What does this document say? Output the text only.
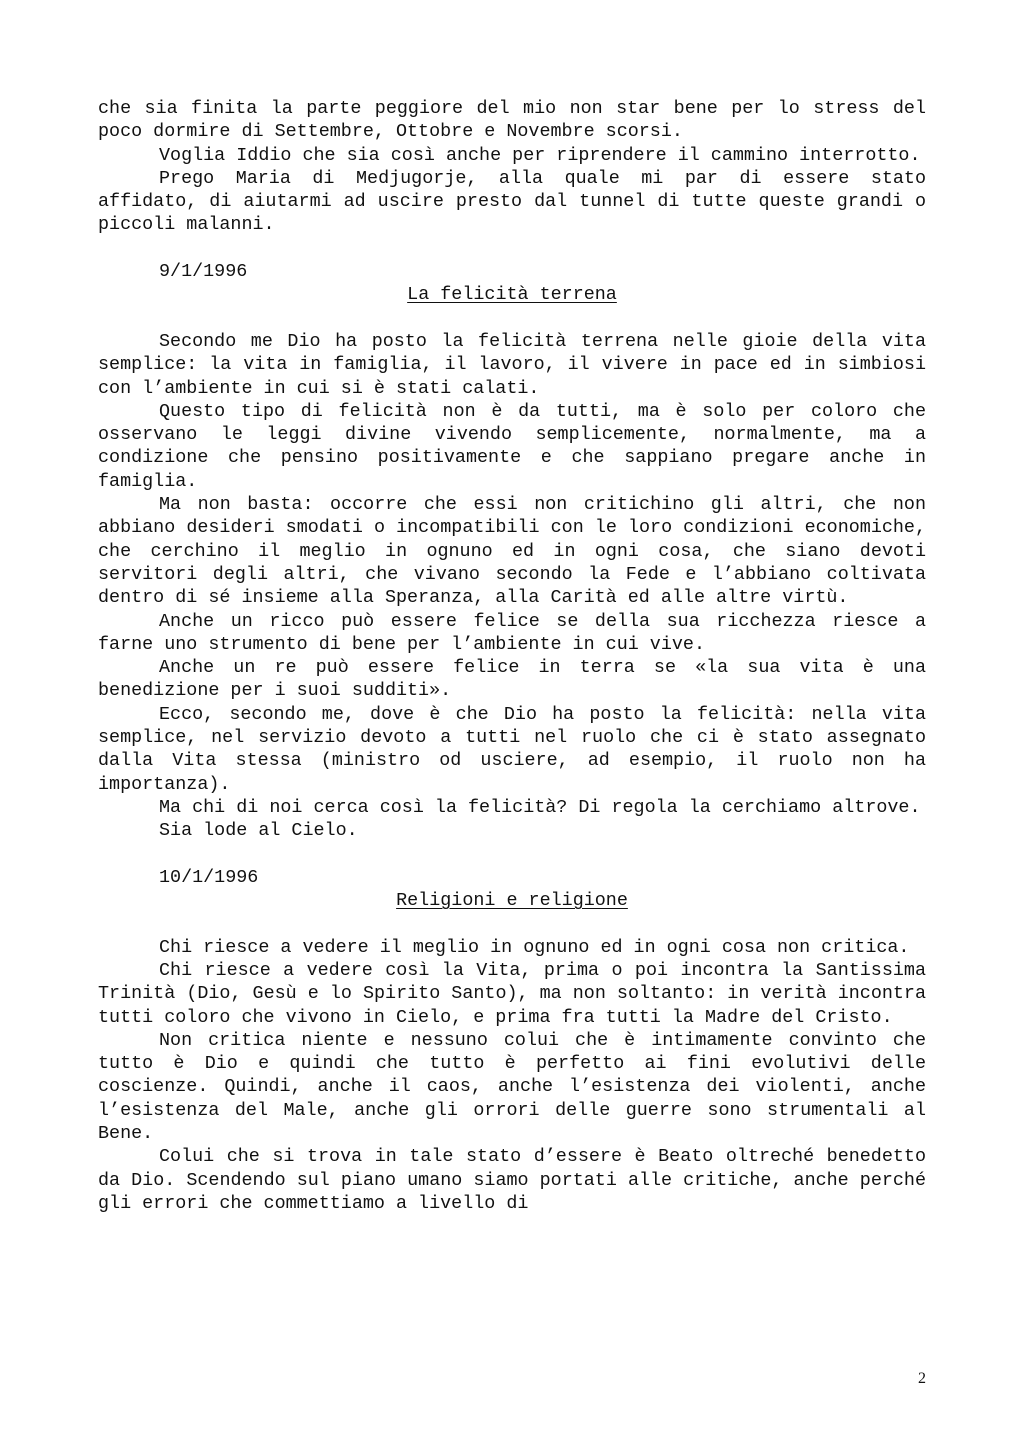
che sia finita la parte peggiore del mio non star bene per lo stress del poco dormire di Settembre, Ottobre e Novembre scorsi.

Voglia Iddio che sia così anche per riprendere il cammino interrotto.

Prego Maria di Medjugorje, alla quale mi par di essere stato affidato, di aiutarmi ad uscire presto dal tunnel di tutte queste grandi o piccoli malanni.

9/1/1996

La felicità terrena

Secondo me Dio ha posto la felicità terrena nelle gioie della vita semplice: la vita in famiglia, il lavoro, il vivere in pace ed in simbiosi con l’ambiente in cui si è stati calati.

Questo tipo di felicità non è da tutti, ma è solo per coloro che osservano le leggi divine vivendo semplicemente, normalmente, ma a condizione che pensino positivamente e che sappiano pregare anche in famiglia.

Ma non basta: occorre che essi non critichino gli altri, che non abbiano desideri smodati o incompatibili con le loro condizioni economiche, che cerchino il meglio in ognuno ed in ogni cosa, che siano devoti servitori degli altri, che vivano secondo la Fede e l’abbiano coltivata dentro di sé insieme alla Speranza, alla Carità ed alle altre virtù.

Anche un ricco può essere felice se della sua ricchezza riesce a farne uno strumento di bene per l’ambiente in cui vive.

Anche un re può essere felice in terra se «la sua vita è una benedizione per i suoi sudditi».

Ecco, secondo me, dove è che Dio ha posto la felicità: nella vita semplice, nel servizio devoto a tutti nel ruolo che ci è stato assegnato dalla Vita stessa (ministro od usciere, ad esempio, il ruolo non ha importanza).

Ma chi di noi cerca così la felicità? Di regola la cerchiamo altrove.

Sia lode al Cielo.

10/1/1996

Religioni e religione

Chi riesce a vedere il meglio in ognuno ed in ogni cosa non critica.

Chi riesce a vedere così la Vita, prima o poi incontra la Santissima Trinità (Dio, Gesù e lo Spirito Santo), ma non soltanto: in verità incontra tutti coloro che vivono in Cielo, e prima fra tutti la Madre del Cristo.

Non critica niente e nessuno colui che è intimamente convinto che tutto è Dio e quindi che tutto è perfetto ai fini evolutivi delle coscienze. Quindi, anche il caos, anche l’esistenza dei violenti, anche l’esistenza del Male, anche gli orrori delle guerre sono strumentali al Bene.

Colui che si trova in tale stato d’essere è Beato oltreché benedetto da Dio. Scendendo sul piano umano siamo portati alle critiche, anche perché gli errori che commettiamo a livello di

2
